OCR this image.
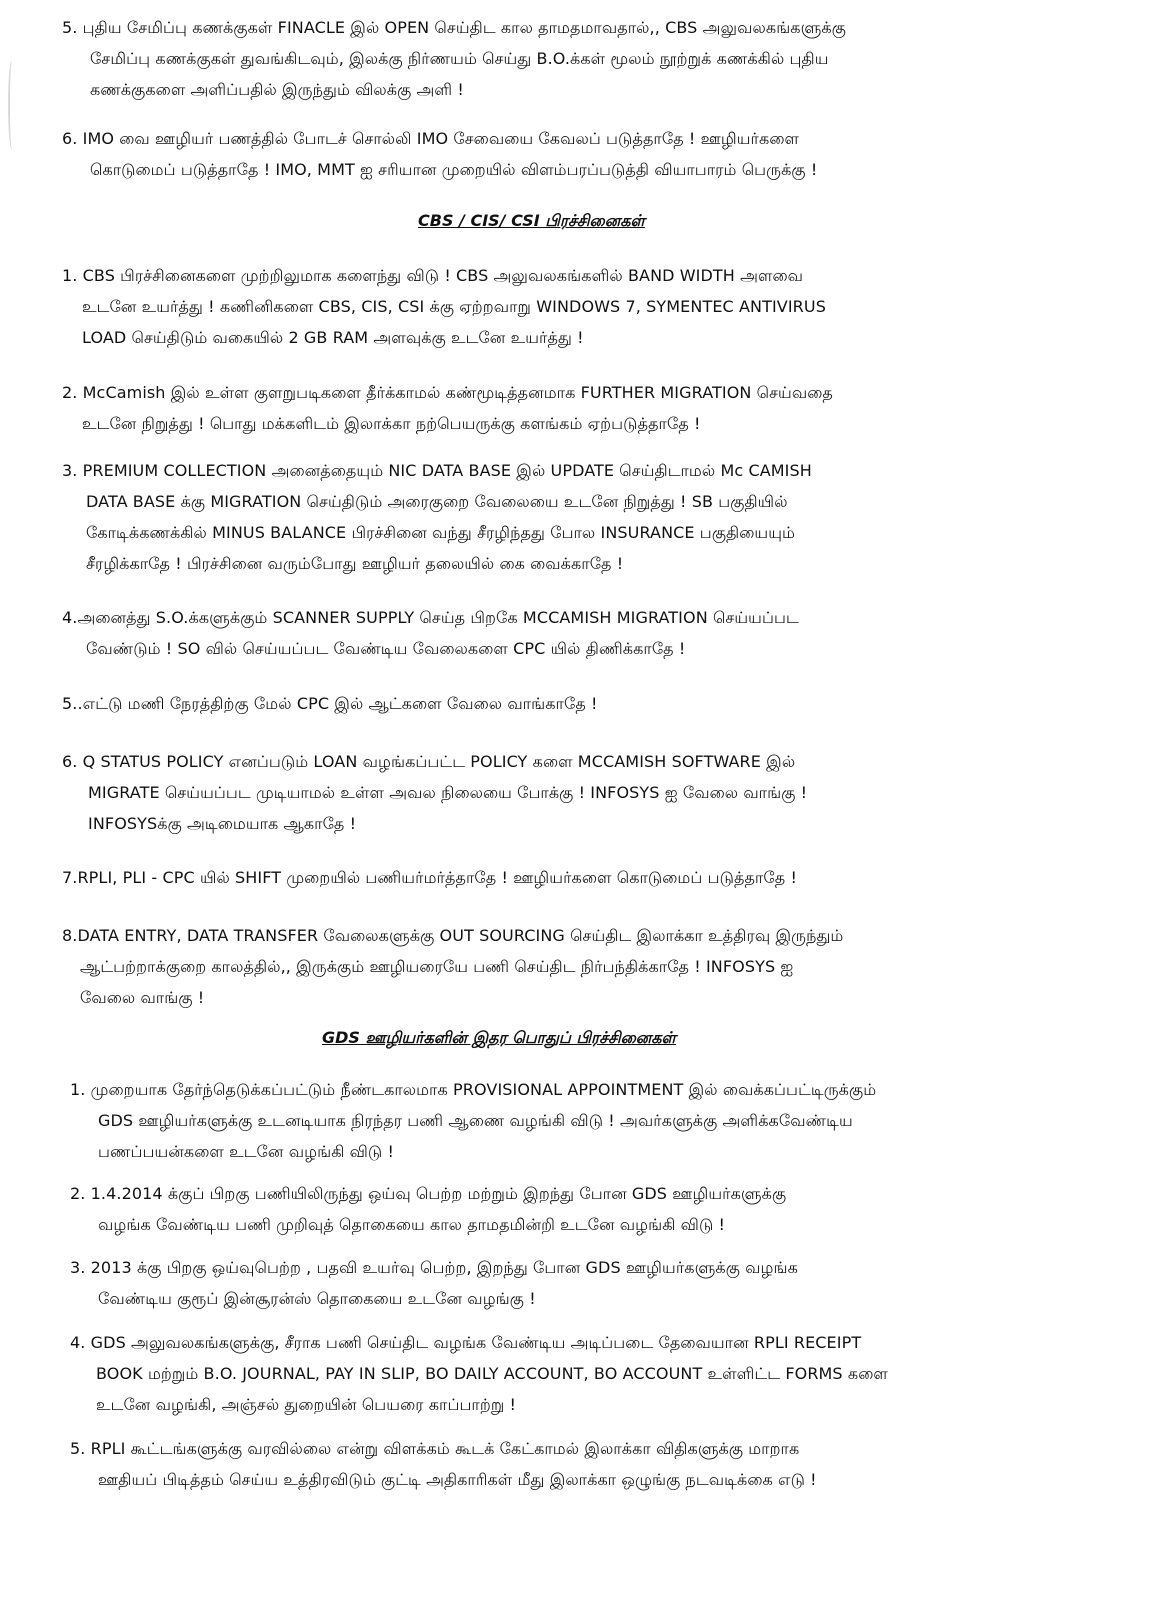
5. புதிய சேமிப்பு கணக்குகள் FINACLE இல் OPEN செய்திட கால தாமதமாவதால்,, CBS அலுவலகங்களுக்கு
சேமிப்பு கணக்குகள் துவங்கிடவும், இலக்கு நிர்ணயம் செய்து B.O.க்கள் மூலம் நூற்றுக் கணக்கில் புதிய
கணக்குகளை அளிப்பதில் இருந்தும் விலக்கு அளி !
6. IMO வை ஊழியர் பணத்தில் போடச் சொல்லி IMO சேவையை கேவலப் படுத்தாதே ! ஊழியர்களை
கொடுமைப் படுத்தாதே ! IMO, MMT ஐ சரியான முறையில் விளம்பரப்படுத்தி வியாபாரம் பெருக்கு !
CBS / CIS/ CSI பிரச்சினைகள்
1. CBS பிரச்சினைகளை முற்றிலுமாக களைந்து விடு ! CBS அலுவலகங்களில் BAND WIDTH அளவை
உடனே உயர்த்து ! கணினிகளை CBS, CIS, CSI க்கு ஏற்றவாறு WINDOWS 7, SYMENTEC ANTIVIRUS
LOAD செய்திடும் வகையில் 2 GB RAM அளவுக்கு உடனே உயர்த்து !
2. McCamish இல் உள்ள குளறுபடிகளை தீர்க்காமல் கண்மூடித்தனமாக FURTHER MIGRATION செய்வதை
உடனே நிறுத்து ! பொது மக்களிடம் இலாக்கா நற்பெயருக்கு களங்கம் ஏற்படுத்தாதே !
3. PREMIUM COLLECTION அனைத்தையும் NIC DATA BASE இல் UPDATE செய்திடாமல் Mc CAMISH
DATA BASE க்கு MIGRATION செய்திடும் அரைகுறை வேலையை உடனே நிறுத்து ! SB பகுதியில்
கோடிக்கணக்கில் MINUS BALANCE பிரச்சினை வந்து சீரழிந்தது போல INSURANCE பகுதியையும்
சீரழிக்காதே ! பிரச்சினை வரும்போது ஊழியர் தலையில் கை வைக்காதே !
4.அனைத்து S.O.க்களுக்கும் SCANNER SUPPLY செய்த பிறகே MCCAMISH MIGRATION செய்யப்பட
வேண்டும் ! SO வில் செய்யப்பட வேண்டிய வேலைகளை CPC யில் திணிக்காதே !
5..எட்டு மணி நேரத்திற்கு மேல் CPC இல் ஆட்களை வேலை வாங்காதே !
6. Q STATUS POLICY எனப்படும் LOAN வழங்கப்பட்ட POLICY களை MCCAMISH SOFTWARE இல்
MIGRATE செய்யப்பட முடியாமல் உள்ள அவல நிலையை போக்கு ! INFOSYS ஐ வேலை வாங்கு !
INFOSYSக்கு அடிமையாக ஆகாதே !
7.RPLI, PLI - CPC யில் SHIFT முறையில் பணியர்மர்த்தாதே ! ஊழியர்களை கொடுமைப் படுத்தாதே !
8.DATA ENTRY, DATA TRANSFER வேலைகளுக்கு OUT SOURCING செய்திட இலாக்கா உத்திரவு இருந்தும்
ஆட்பற்றாக்குறை காலத்தில்,, இருக்கும் ஊழியரையே பணி செய்திட நிர்பந்திக்காதே ! INFOSYS ஐ
வேலை வாங்கு !
GDS ஊழியர்களின் இதர பொதுப் பிரச்சினைகள்
1. முறையாக தேர்ந்தெடுக்கப்பட்டும் நீண்டகாலமாக PROVISIONAL APPOINTMENT இல் வைக்கப்பட்டிருக்கும்
GDS ஊழியர்களுக்கு உடனடியாக நிரந்தர பணி ஆணை வழங்கி விடு ! அவர்களுக்கு அளிக்கவேண்டிய
பணப்பயன்களை உடனே வழங்கி விடு !
2. 1.4.2014 க்குப் பிறகு பணியிலிருந்து ஒய்வு பெற்ற மற்றும் இறந்து போன GDS ஊழியர்களுக்கு
வழங்க வேண்டிய பணி முறிவுத் தொகையை கால தாமதமின்றி உடனே வழங்கி விடு !
3. 2013 க்கு பிறகு ஒய்வுபெற்ற , பதவி உயர்வு பெற்ற, இறந்து போன GDS ஊழியர்களுக்கு வழங்க
வேண்டிய குரூப் இன்சூரன்ஸ் தொகையை உடனே வழங்கு !
4. GDS அலுவலகங்களுக்கு, சீராக பணி செய்திட வழங்க வேண்டிய அடிப்படை தேவையான RPLI RECEIPT
BOOK மற்றும் B.O. JOURNAL, PAY IN SLIP, BO DAILY ACCOUNT, BO ACCOUNT உள்ளிட்ட FORMS களை
உடனே வழங்கி, அஞ்சல் துறையின் பெயரை காப்பாற்று !
5. RPLI கூட்டங்களுக்கு வரவில்லை என்று விளக்கம் கூடக் கேட்காமல் இலாக்கா விதிகளுக்கு மாறாக
ஊதியப் பிடித்தம் செய்ய உத்திரவிடும் குட்டி அதிகாரிகள் மீது இலாக்கா ஒழுங்கு நடவடிக்கை எடு !
